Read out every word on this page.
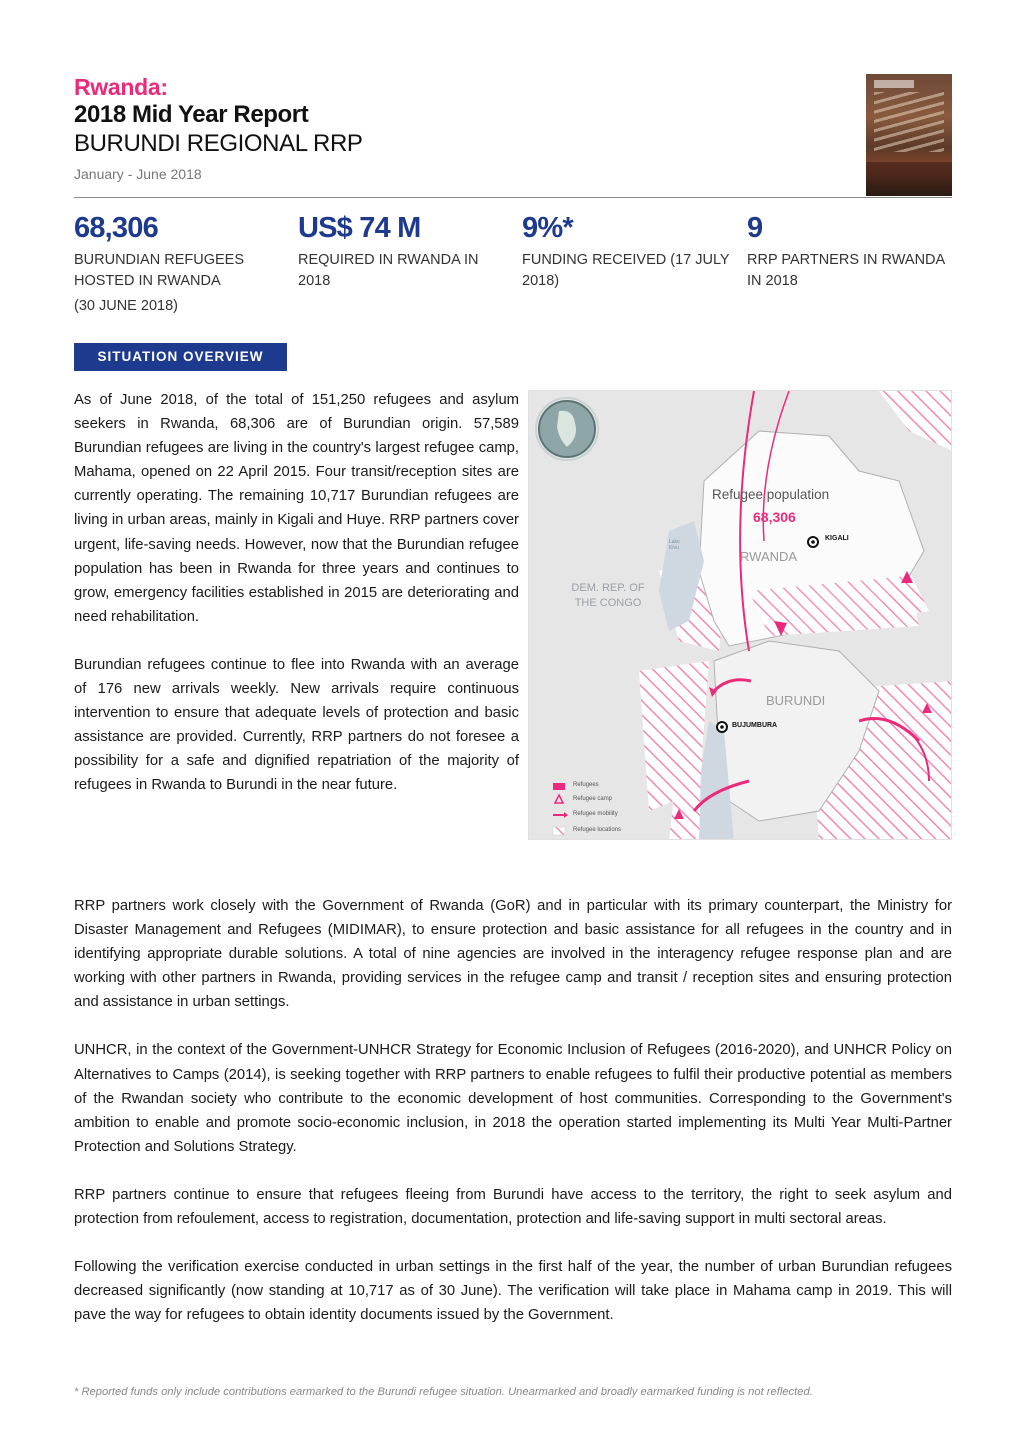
Rwanda:
2018 Mid Year Report
BURUNDI REGIONAL RRP
January - June 2018
68,306
BURUNDIAN REFUGEES HOSTED IN RWANDA
(30 JUNE 2018)
US$ 74 M
REQUIRED IN RWANDA IN 2018
9%*
FUNDING RECEIVED (17 JULY 2018)
9
RRP PARTNERS IN RWANDA IN 2018
SITUATION OVERVIEW

As of June 2018, of the total of 151,250 refugees and asylum seekers in Rwanda, 68,306 are of Burundian origin. 57,589 Burundian refugees are living in the country's largest refugee camp, Mahama, opened on 22 April 2015. Four transit/reception sites are currently operating. The remaining 10,717 Burundian refugees are living in urban areas, mainly in Kigali and Huye. RRP partners cover urgent, life-saving needs. However, now that the Burundian refugee population has been in Rwanda for three years and continues to grow, emergency facilities established in 2015 are deteriorating and need rehabilitation.

Burundian refugees continue to flee into Rwanda with an average of 176 new arrivals weekly. New arrivals require continuous intervention to ensure that adequate levels of protection and basic assistance are provided. Currently, RRP partners do not foresee a possibility for a safe and dignified repatriation of the majority of refugees in Rwanda to Burundi in the near future.

Refugee population
68,306
RWANDA
KIGALI
DEM. REP. OF THE CONGO
Lake Kivu
BURUNDI
BUJUMBURA
Refugees
Refugee camp
Refugee mobility
Refugee locations

RRP partners work closely with the Government of Rwanda (GoR) and in particular with its primary counterpart, the Ministry for Disaster Management and Refugees (MIDIMAR), to ensure protection and basic assistance for all refugees in the country and in identifying appropriate durable solutions. A total of nine agencies are involved in the interagency refugee response plan and are working with other partners in Rwanda, providing services in the refugee camp and transit / reception sites and ensuring protection and assistance in urban settings.

UNHCR, in the context of the Government-UNHCR Strategy for Economic Inclusion of Refugees (2016-2020), and UNHCR Policy on Alternatives to Camps (2014), is seeking together with RRP partners to enable refugees to fulfil their productive potential as members of the Rwandan society who contribute to the economic development of host communities. Corresponding to the Government's ambition to enable and promote socio-economic inclusion, in 2018 the operation started implementing its Multi Year Multi-Partner Protection and Solutions Strategy.

RRP partners continue to ensure that refugees fleeing from Burundi have access to the territory, the right to seek asylum and protection from refoulement, access to registration, documentation, protection and life-saving support in multi sectoral areas.

Following the verification exercise conducted in urban settings in the first half of the year, the number of urban Burundian refugees decreased significantly (now standing at 10,717 as of 30 June). The verification will take place in Mahama camp in 2019. This will pave the way for refugees to obtain identity documents issued by the Government.

* Reported funds only include contributions earmarked to the Burundi refugee situation. Unearmarked and broadly earmarked funding is not reflected.
